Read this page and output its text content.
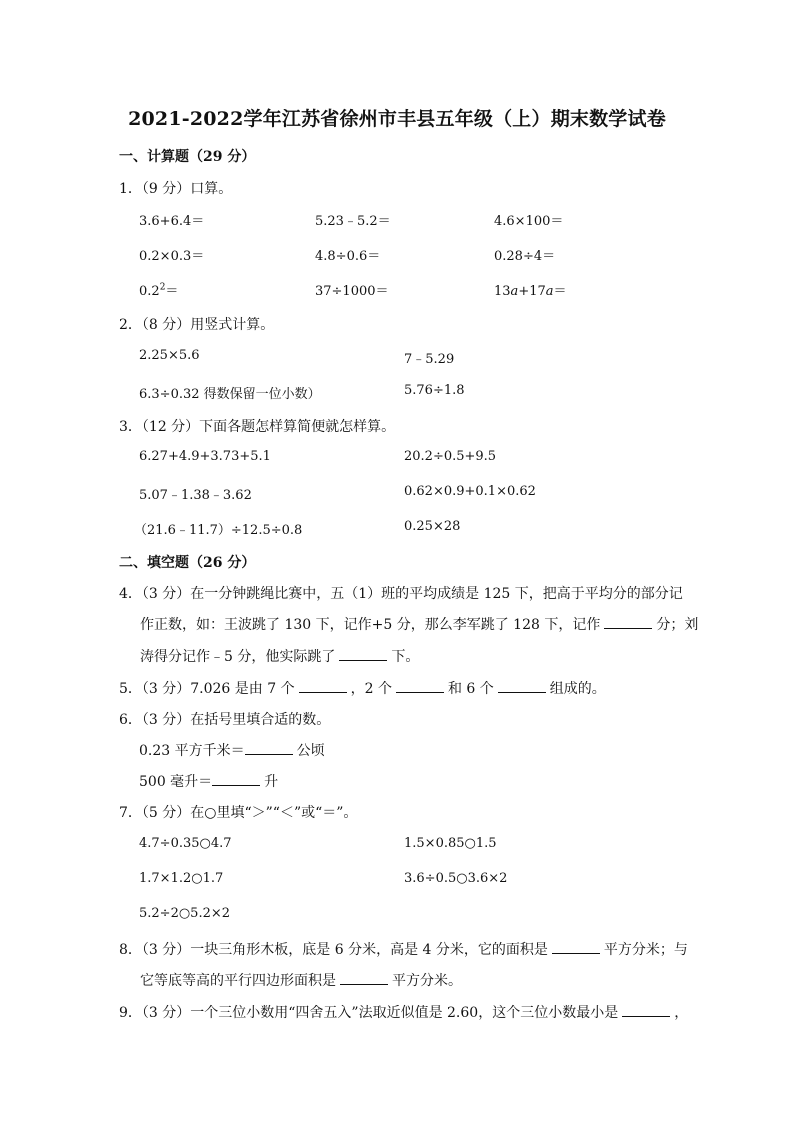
2021-2022学年江苏省徐州市丰县五年级（上）期末数学试卷
一、计算题（29 分）
1．（9 分）口算。
3.6+6.4＝	5.23﹣5.2＝	4.6×100＝
0.2×0.3＝	4.8÷0.6＝	0.28÷4＝
$0.2^2=$	37÷1000＝	13a+17a＝
2．（8 分）用竖式计算。
2.25×5.6	7﹣5.29
6.3÷0.32 得数保留一位小数）	5.76÷1.8
3．（12 分）下面各题怎样算简便就怎样算。
6.27+4.9+3.73+5.1	20.2÷0.5+9.5
5.07﹣1.38﹣3.62	0.62×0.9+0.1×0.62
（21.6﹣11.7）÷12.5÷0.8	0.25×28
二、填空题（26 分）
4．（3 分）在一分钟跳绳比赛中，五（1）班的平均成绩是 125 下，把高于平均分的部分记
作正数，如：王波跳了 130 下，记作+5 分，那么李军跳了 128 下，记作	分；刘
涛得分记作﹣5 分，他实际跳了	下。
5．（3 分）7.026 是由 7 个	，2 个	和 6 个	组成的。
6．（3 分）在括号里填合适的数。
0.23 平方千米＝	公顷
500 毫升＝	升
7．（5 分）在○里填“＞”“＜”或“＝”。
4.7÷0.35○4.7	1.5×0.85○1.5
1.7×1.2○1.7	3.6÷0.5○3.6×2
5.2÷2○5.2×2
8．（3 分）一块三角形木板，底是 6 分米，高是 4 分米，它的面积是	平方分米；与
它等底等高的平行四边形面积是	平方分米。
9．（3 分）一个三位小数用“四舍五入”法取近似值是 2.60，这个三位小数最小是	，
